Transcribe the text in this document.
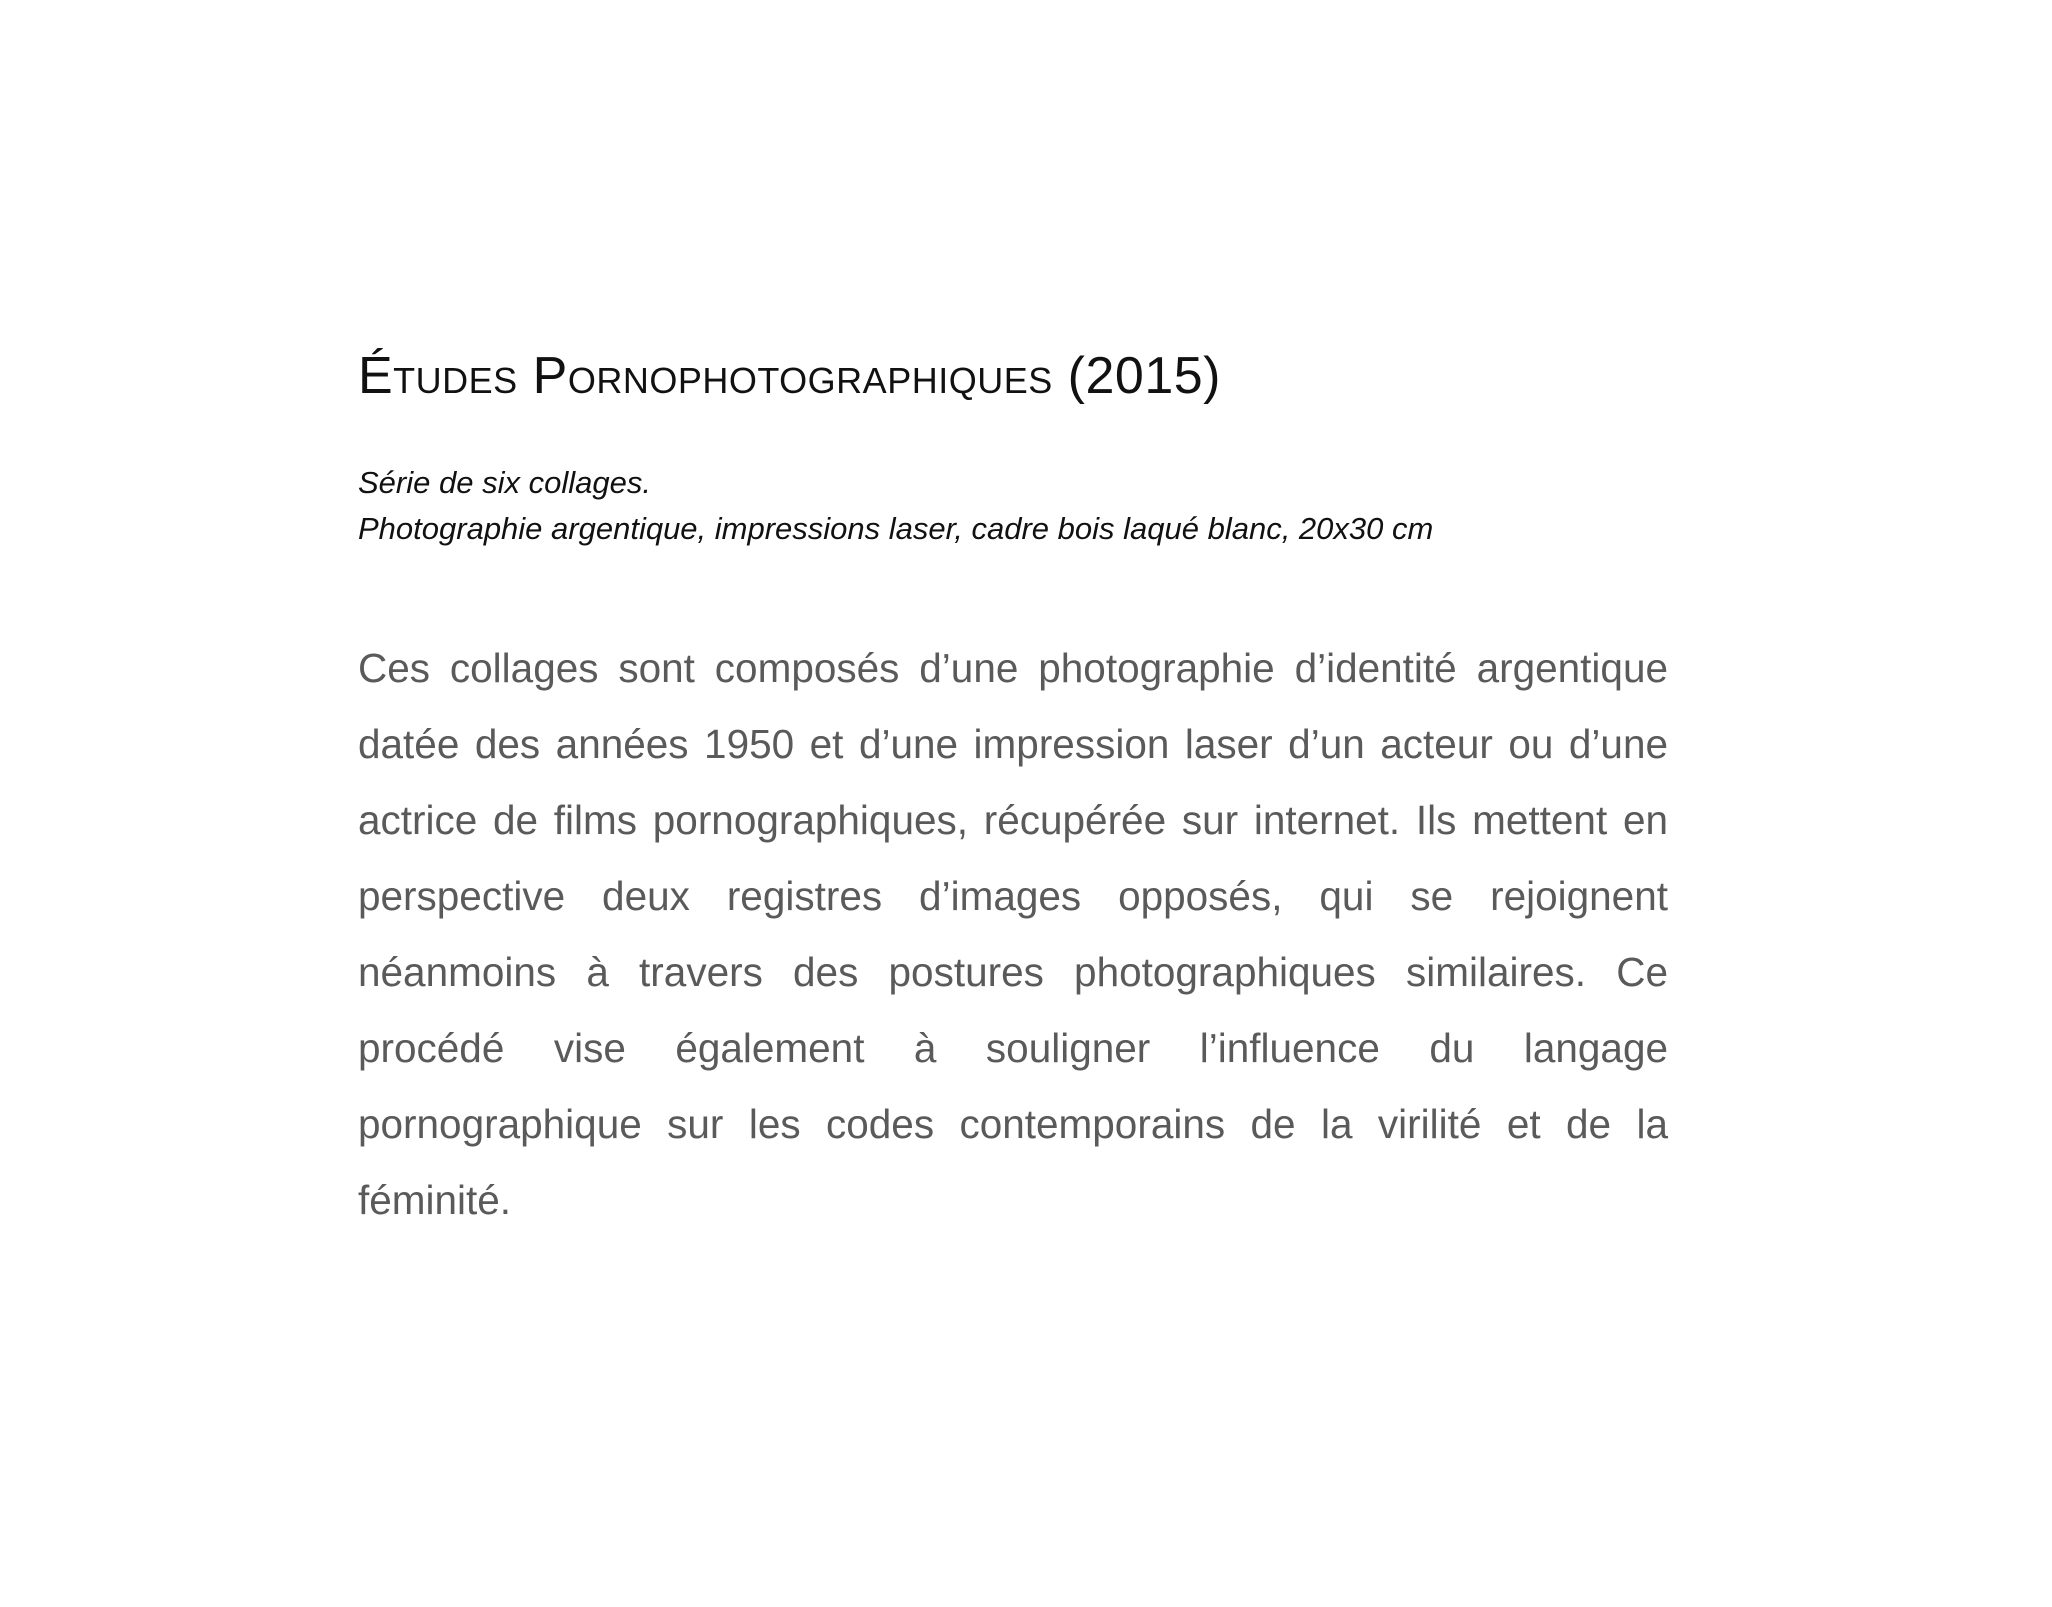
Études Pornophotographiques (2015)

Série de six collages.

Photographie argentique, impressions laser, cadre bois laqué blanc, 20x30 cm

Ces collages sont composés d’une photographie d’identité argentique datée des années 1950 et d’une impression laser d’un acteur ou d’une actrice de films pornographiques, récupérée sur internet. Ils mettent en perspective deux registres d’images opposés, qui se rejoignent néanmoins à travers des postures photographiques similaires. Ce procédé vise également à souligner l’influence du langage pornographique sur les codes contemporains de la virilité et de la féminité.
